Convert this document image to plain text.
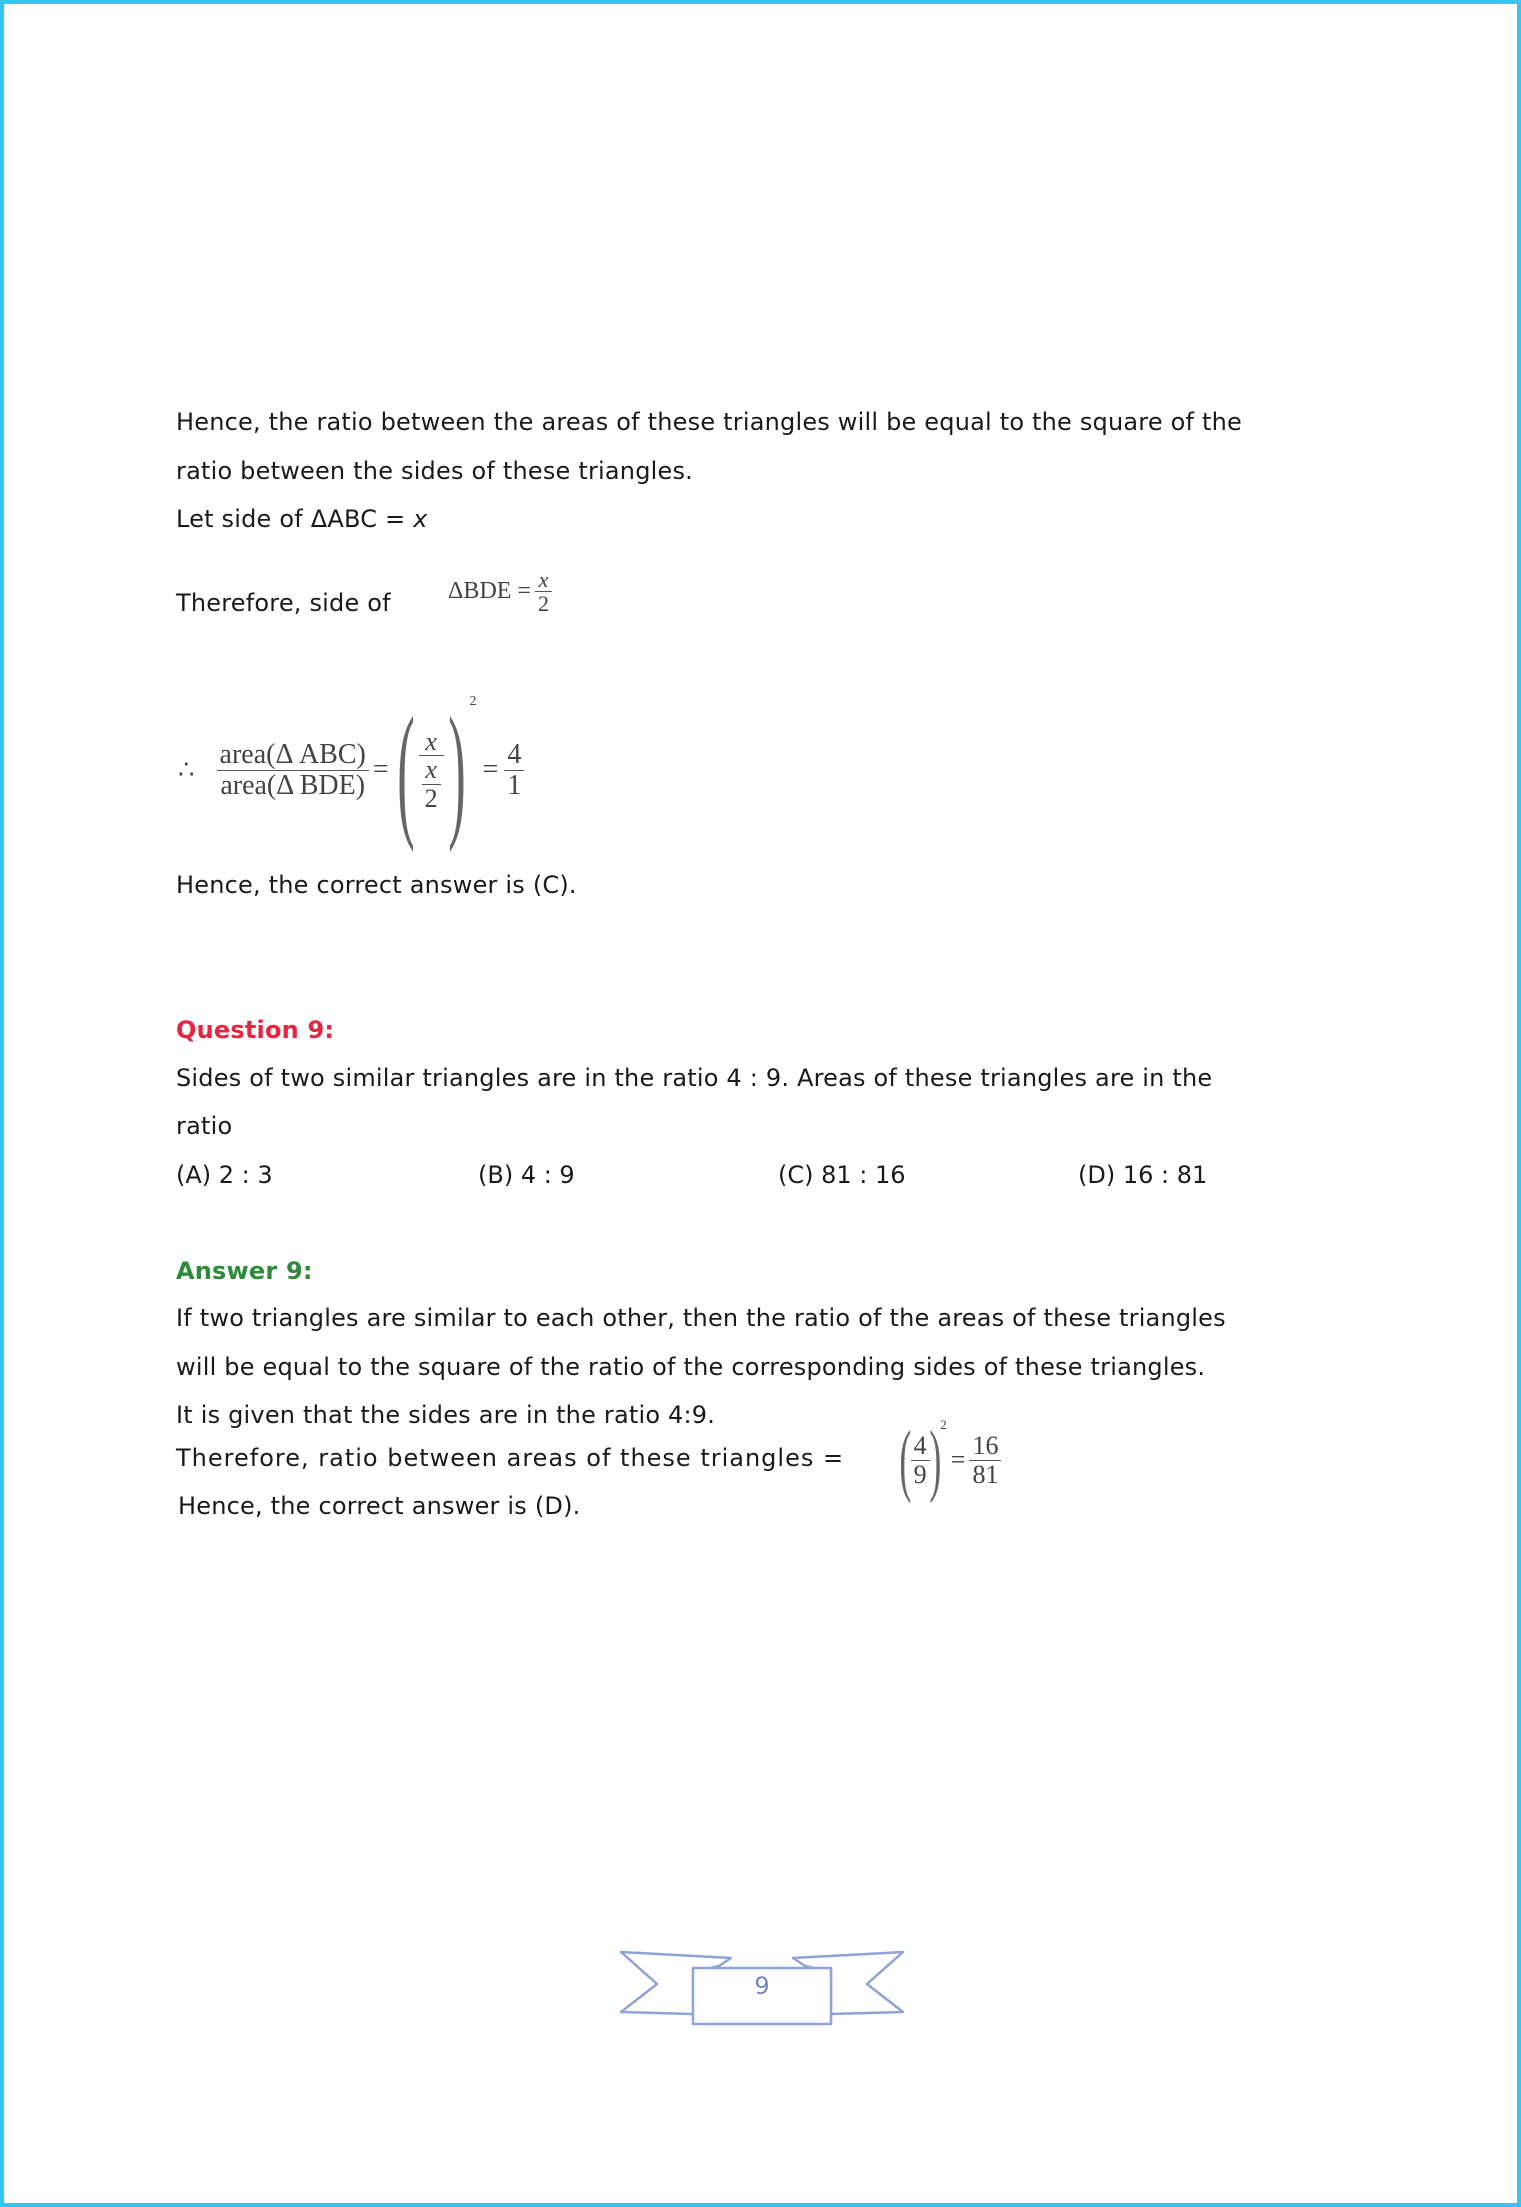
Hence, the ratio between the areas of these triangles will be equal to the square of the
ratio between the sides of these triangles.
Let side of ΔABC = x
Therefore, side of $\Delta BDE = \frac{x}{2}$
∴ $\frac{\text{area(Δ ABC)}}{\text{area(Δ BDE)}}$ = ( $\frac{x}{\frac{x}{2}}$ ) $^2$
= $\frac{4}{1}$
Hence, the correct answer is (C).
Question 9:
Sides of two similar triangles are in the ratio 4 : 9. Areas of these triangles are in the
ratio
(A) 2 : 3	(B) 4 : 9	(C) 81 : 16	(D) 16 : 81
Answer 9:
If two triangles are similar to each other, then the ratio of the areas of these triangles
will be equal to the square of the ratio of the corresponding sides of these triangles.
It is given that the sides are in the ratio 4:9.
Therefore, ratio between areas of these triangles = ( $\frac{4}{9} )^2$
= $\frac{16}{81}$
Hence, the correct answer is (D).
9
